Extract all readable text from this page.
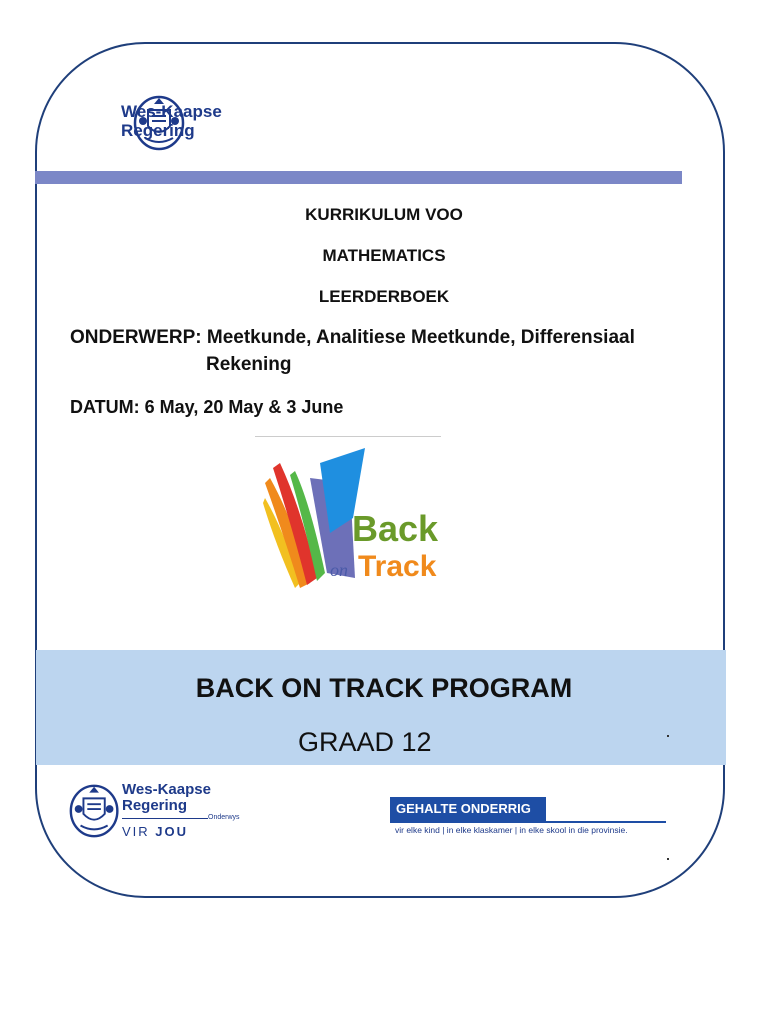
Wes-Kaapse
Regering
KURRIKULUM VOO
MATHEMATICS
LEERDERBOEK
ONDERWERP: Meetkunde, Analitiese Meetkunde, Differensiaal
Rekening
DATUM: 6 May, 20 May & 3 June
Back
on Track
BACK ON TRACK PROGRAM
GRAAD 12
Wes-Kaapse
Regering
Onderwys
VIR JOU
GEHALTE ONDERRIG
vir elke kind | in elke klaskamer | in elke skool in die provinsie.
